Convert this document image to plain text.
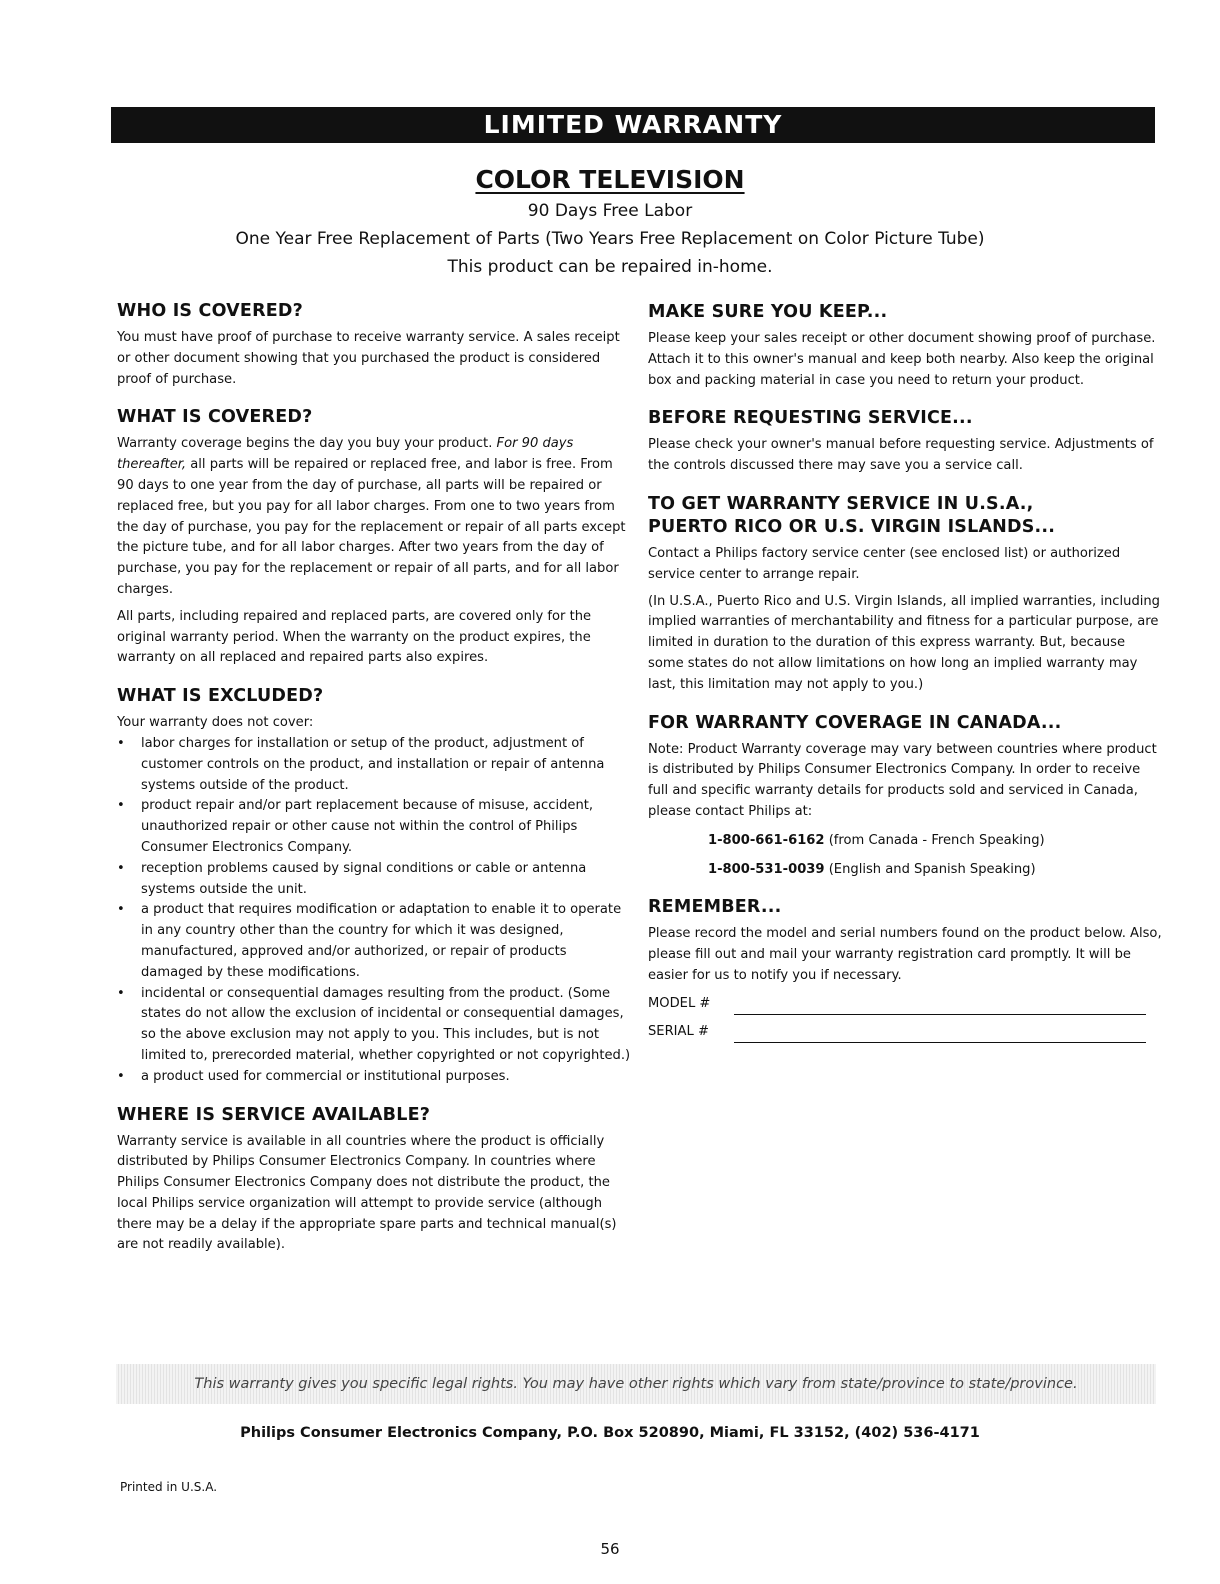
LIMITED WARRANTY
COLOR TELEVISION
90 Days Free Labor
One Year Free Replacement of Parts (Two Years Free Replacement on Color Picture Tube)
This product can be repaired in-home.
WHO IS COVERED?

You must have proof of purchase to receive warranty service. A sales receipt or other document showing that you purchased the product is considered proof of purchase.

WHAT IS COVERED?

Warranty coverage begins the day you buy your product. For 90 days thereafter, all parts will be repaired or replaced free, and labor is free. From 90 days to one year from the day of purchase, all parts will be repaired or replaced free, but you pay for all labor charges. From one to two years from the day of purchase, you pay for the replacement or repair of all parts except the picture tube, and for all labor charges. After two years from the day of purchase, you pay for the replacement or repair of all parts, and for all labor charges.

All parts, including repaired and replaced parts, are covered only for the original warranty period. When the warranty on the product expires, the warranty on all replaced and repaired parts also expires.

WHAT IS EXCLUDED?
Your warranty does not cover:
• labor charges for installation or setup of the product, adjustment of customer controls on the product, and installation or repair of antenna systems outside of the product.
• product repair and/or part replacement because of misuse, accident, unauthorized repair or other cause not within the control of Philips Consumer Electronics Company.
• reception problems caused by signal conditions or cable or antenna systems outside the unit.
• a product that requires modification or adaptation to enable it to operate in any country other than the country for which it was designed, manufactured, approved and/or authorized, or repair of products damaged by these modifications.
• incidental or consequential damages resulting from the product. (Some states do not allow the exclusion of incidental or consequential damages, so the above exclusion may not apply to you. This includes, but is not limited to, prerecorded material, whether copyrighted or not copyrighted.)
• a product used for commercial or institutional purposes.
WHERE IS SERVICE AVAILABLE?

Warranty service is available in all countries where the product is officially distributed by Philips Consumer Electronics Company. In countries where Philips Consumer Electronics Company does not distribute the product, the local Philips service organization will attempt to provide service (although there may be a delay if the appropriate spare parts and technical manual(s) are not readily available).

MAKE SURE YOU KEEP...

Please keep your sales receipt or other document showing proof of purchase. Attach it to this owner's manual and keep both nearby. Also keep the original box and packing material in case you need to return your product.

BEFORE REQUESTING SERVICE...

Please check your owner's manual before requesting service. Adjustments of the controls discussed there may save you a service call.

TO GET WARRANTY SERVICE IN U.S.A.,
PUERTO RICO OR U.S. VIRGIN ISLANDS...

Contact a Philips factory service center (see enclosed list) or authorized service center to arrange repair.

(In U.S.A., Puerto Rico and U.S. Virgin Islands, all implied warranties, including implied warranties of merchantability and fitness for a particular purpose, are limited in duration to the duration of this express warranty. But, because some states do not allow limitations on how long an implied warranty may last, this limitation may not apply to you.)

FOR WARRANTY COVERAGE IN CANADA...

Note: Product Warranty coverage may vary between countries where product is distributed by Philips Consumer Electronics Company. In order to receive full and specific warranty details for products sold and serviced in Canada, please contact Philips at:

1-800-661-6162 (from Canada - French Speaking)
1-800-531-0039 (English and Spanish Speaking)
REMEMBER...

Please record the model and serial numbers found on the product below. Also, please fill out and mail your warranty registration card promptly. It will be easier for us to notify you if necessary.

MODEL #
SERIAL #
This warranty gives you specific legal rights. You may have other rights which vary from state/province to state/province.
Philips Consumer Electronics Company, P.O. Box 520890, Miami, FL 33152, (402) 536-4171
Printed in U.S.A.
56
